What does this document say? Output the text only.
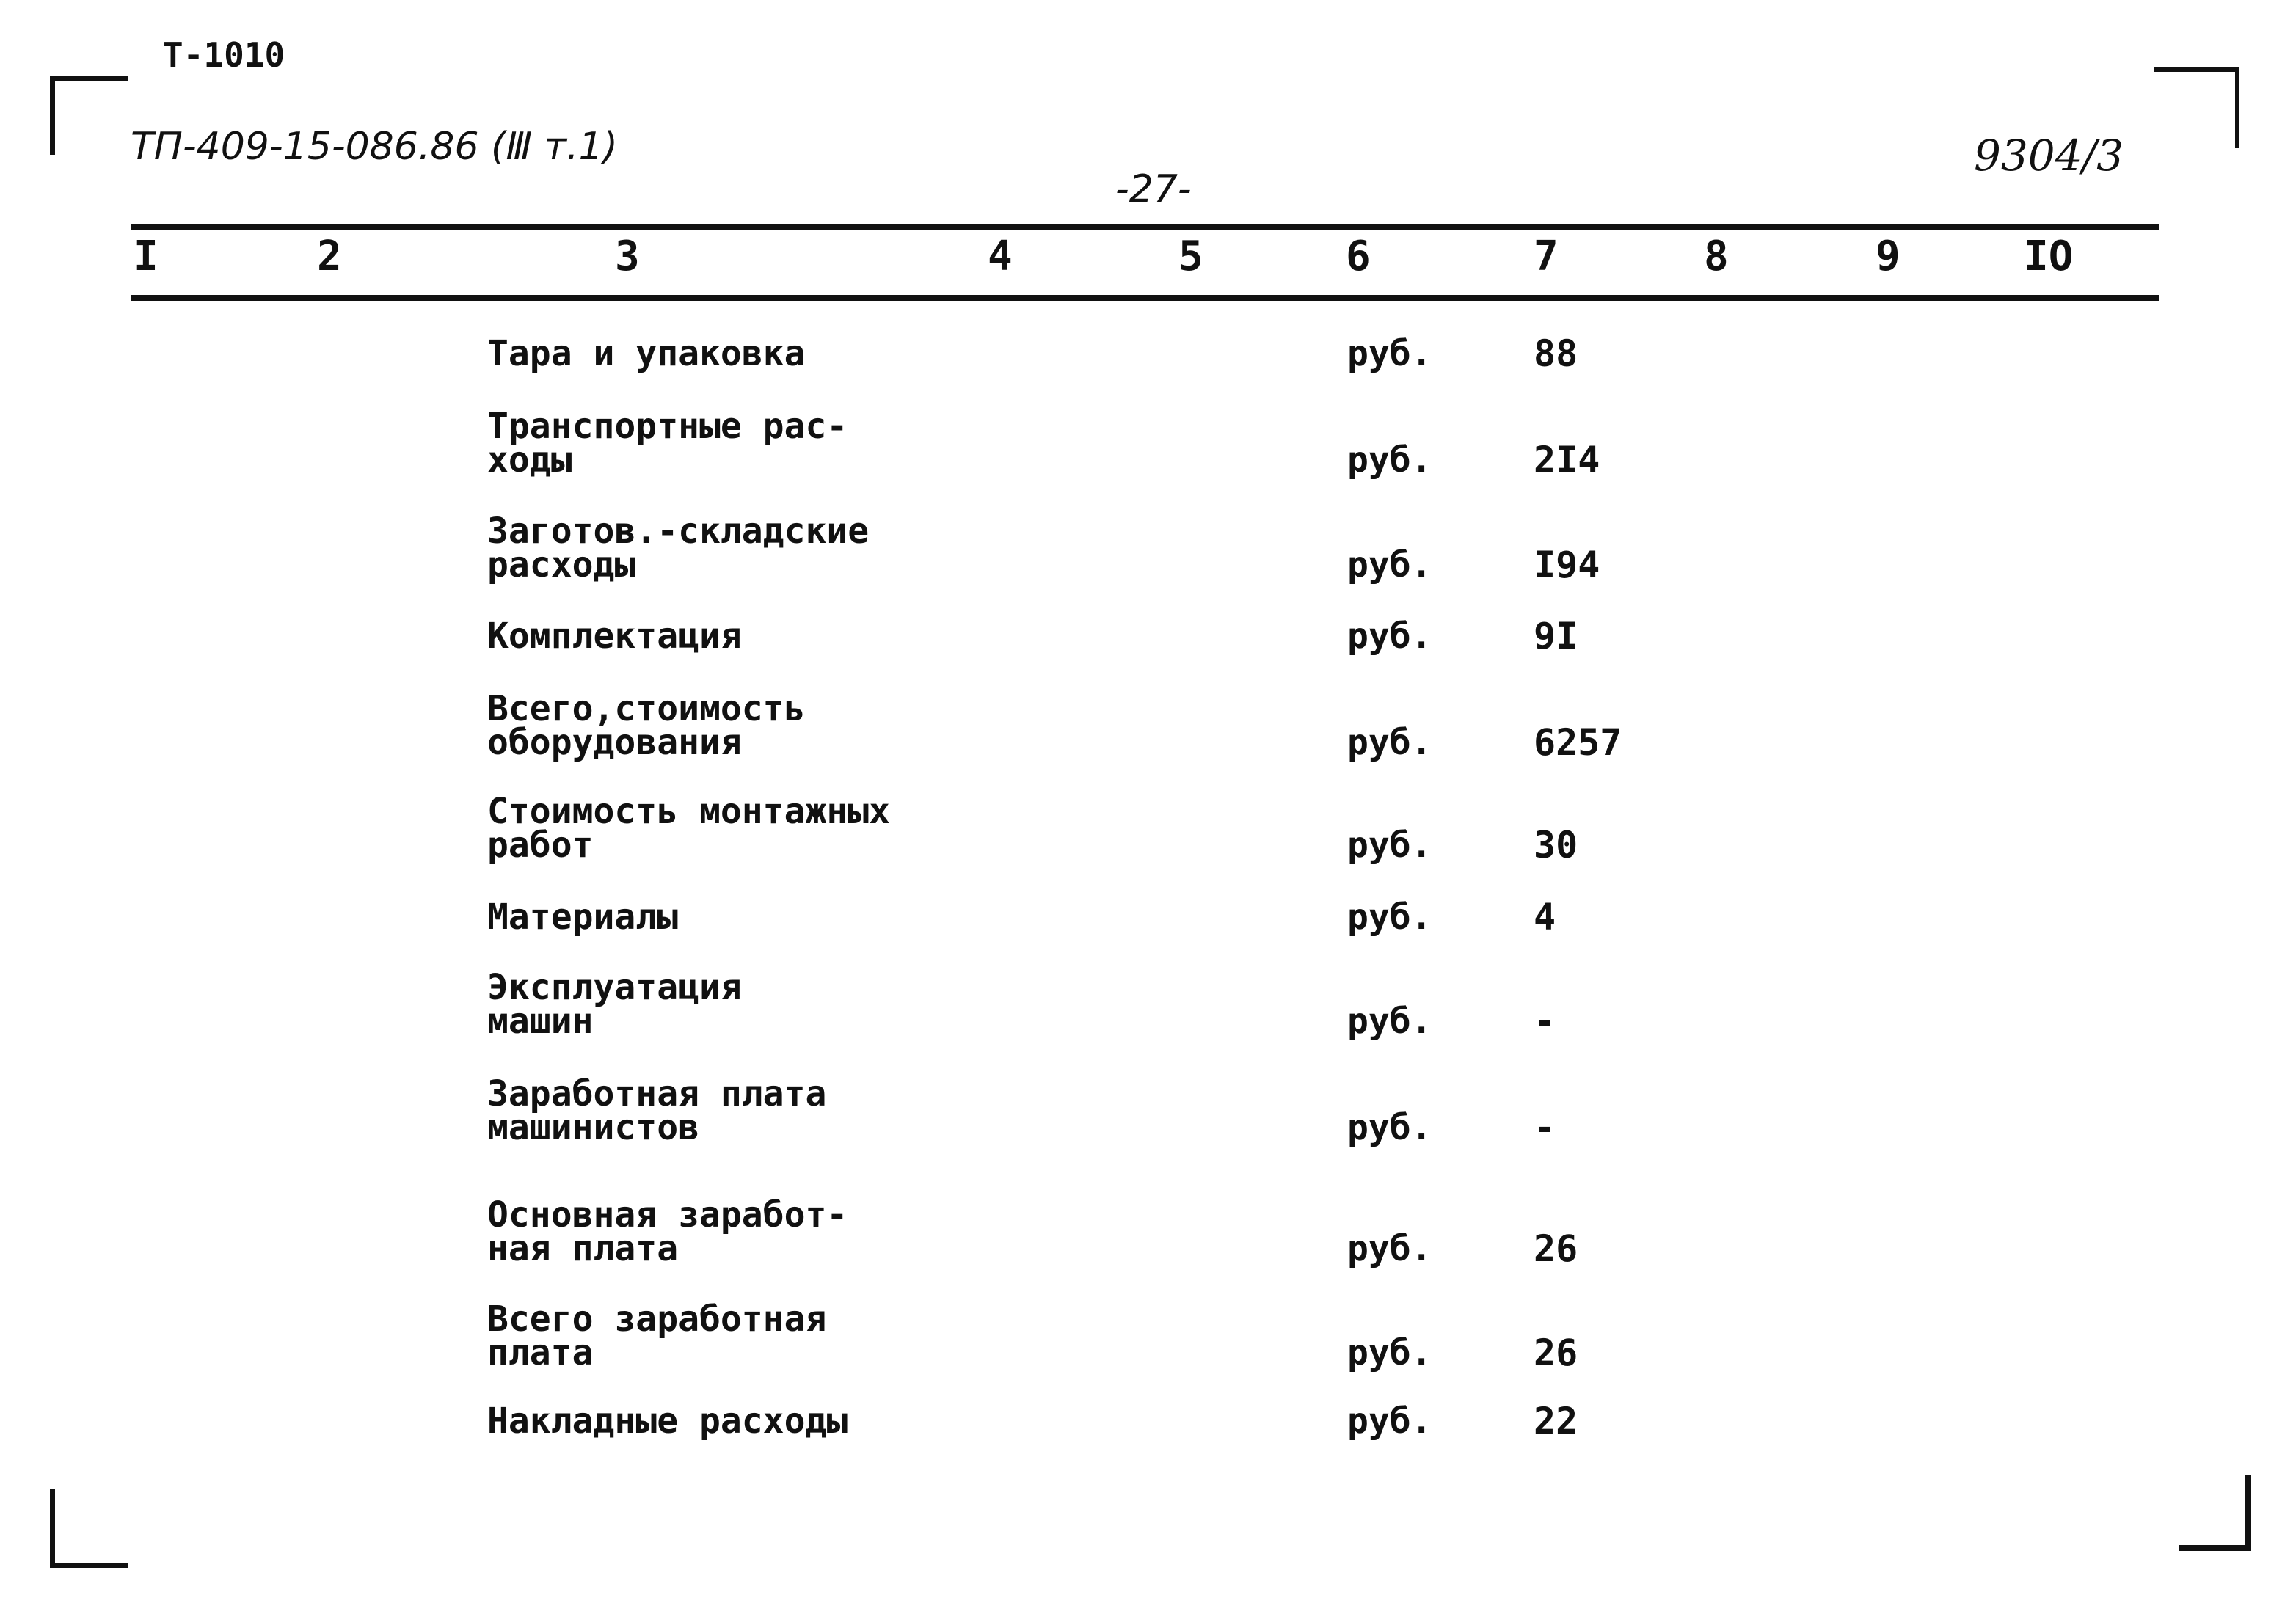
Т-1010
ТП-409-15-086.86 (Ⅲ т.1)
-27-
9304/3
I	2	3	4	5	6	7	8	9	IO
Тара и упаковка	руб.	88
Транспортные рас-
ходы	руб.	2I4
Заготов.-складские
расходы	руб.	I94
Комплектация	руб.	9I
Всего,стоимость
оборудования	руб.	6257
Стоимость монтажных
работ	руб.	30
Материалы	руб.	4
Эксплуатация
машин	руб.	-
Заработная плата
машинистов	руб.	-
Основная заработ-
ная плата	руб.	26
Всего заработная
плата	руб.	26
Накладные расходы	руб.	22
